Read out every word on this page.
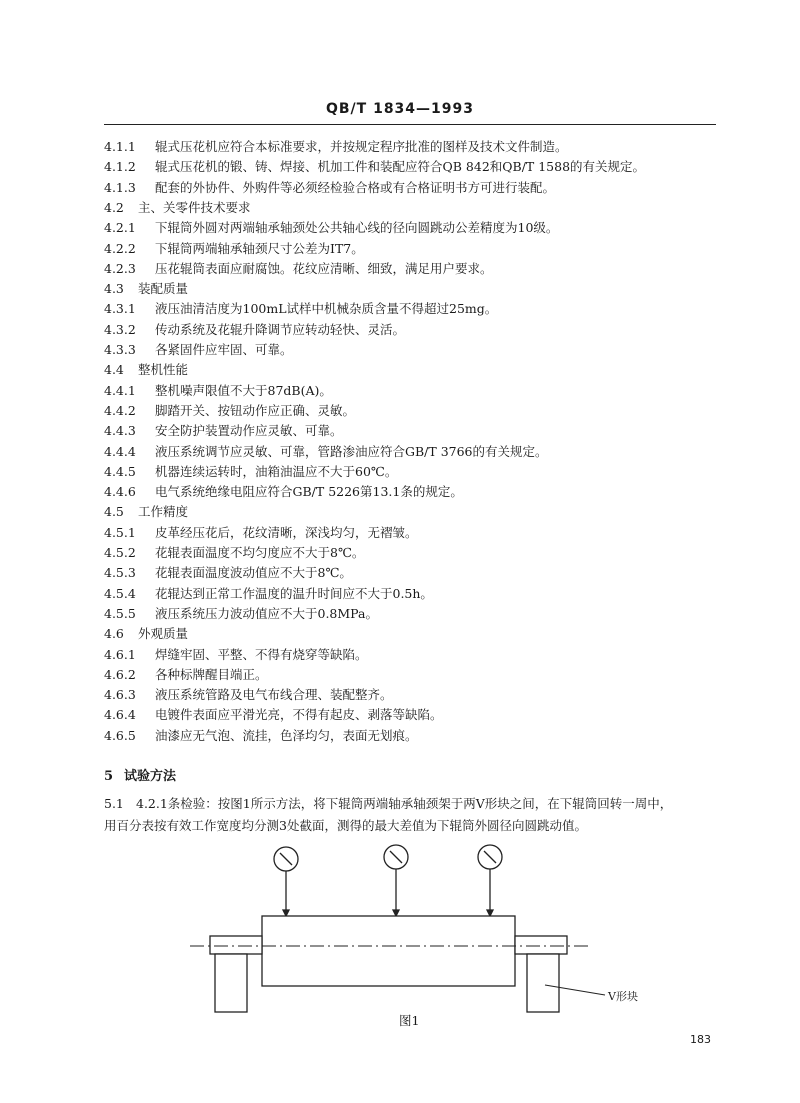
QB/T 1834—1993
4.1.1 辊式压花机应符合本标准要求，并按规定程序批准的图样及技术文件制造。
4.1.2 辊式压花机的锻、铸、焊接、机加工件和装配应符合QB 842和QB/T 1588的有关规定。
4.1.3 配套的外协件、外购件等必须经检验合格或有合格证明书方可进行装配。
4.2 主、关零件技术要求
4.2.1 下辊筒外圆对两端轴承轴颈处公共轴心线的径向圆跳动公差精度为10级。
4.2.2 下辊筒两端轴承轴颈尺寸公差为IT7。
4.2.3 压花辊筒表面应耐腐蚀。花纹应清晰、细致，满足用户要求。
4.3 装配质量
4.3.1 液压油清洁度为100mL试样中机械杂质含量不得超过25mg。
4.3.2 传动系统及花辊升降调节应转动轻快、灵活。
4.3.3 各紧固件应牢固、可靠。
4.4 整机性能
4.4.1 整机噪声限值不大于87dB(A)。
4.4.2 脚踏开关、按钮动作应正确、灵敏。
4.4.3 安全防护装置动作应灵敏、可靠。
4.4.4 液压系统调节应灵敏、可靠，管路渗油应符合GB/T 3766的有关规定。
4.4.5 机器连续运转时，油箱油温应不大于60℃。
4.4.6 电气系统绝缘电阻应符合GB/T 5226第13.1条的规定。
4.5 工作精度
4.5.1 皮革经压花后，花纹清晰，深浅均匀，无褶皱。
4.5.2 花辊表面温度不均匀度应不大于8℃。
4.5.3 花辊表面温度波动值应不大于8℃。
4.5.4 花辊达到正常工作温度的温升时间应不大于0.5h。
4.5.5 液压系统压力波动值应不大于0.8MPa。
4.6 外观质量
4.6.1 焊缝牢固、平整、不得有烧穿等缺陷。
4.6.2 各种标牌醒目端正。
4.6.3 液压系统管路及电气布线合理、装配整齐。
4.6.4 电镀件表面应平滑光亮，不得有起皮、剥落等缺陷。
4.6.5 油漆应无气泡、流挂，色泽均匀，表面无划痕。
5 试验方法
5.1 4.2.1条检验：按图1所示方法，将下辊筒两端轴承轴颈架于两V形块之间，在下辊筒回转一周中，
用百分表按有效工作宽度均分测3处截面，测得的最大差值为下辊筒外圆径向圆跳动值。
V形块
图1
183
